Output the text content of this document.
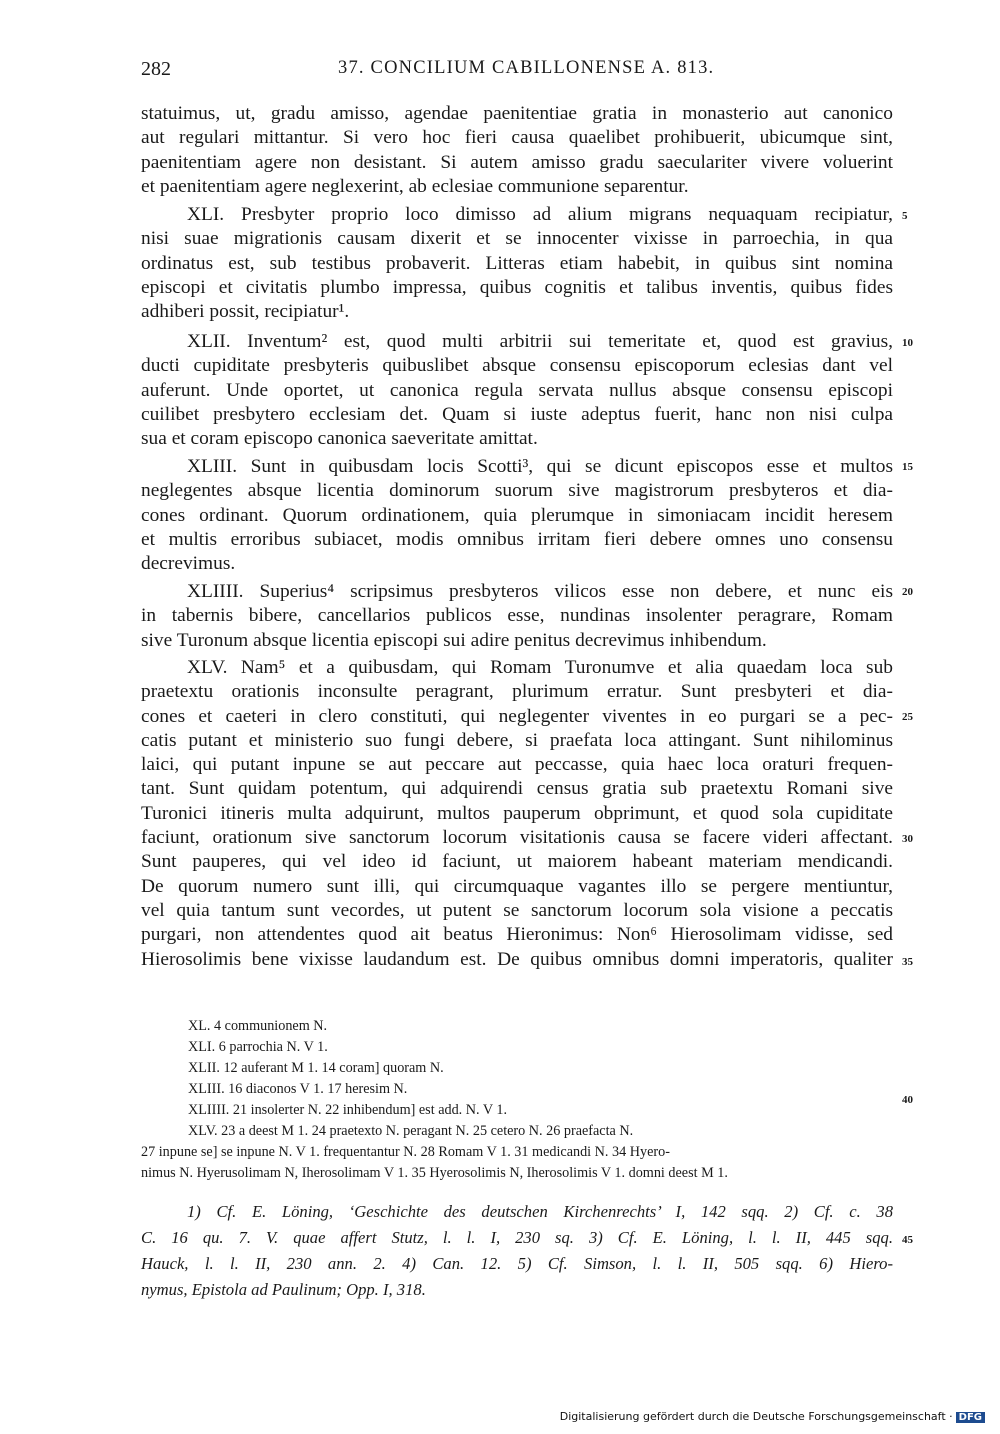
282	37. CONCILIUM CABILLONENSE A. 813.
statuimus, ut, gradu amisso, agendae paenitentiae gratia in monasterio aut canonico
aut regulari mittantur. Si vero hoc fieri causa quaelibet prohibuerit, ubicumque sint,
paenitentiam agere non desistant. Si autem amisso gradu saeculariter vivere voluerint
et paenitentiam agere neglexerint, ab eclesiae communione separentur.
XLI. Presbyter proprio loco dimisso ad alium migrans nequaquam recipiatur,
nisi suae migrationis causam dixerit et se innocenter vixisse in parroechia, in qua
ordinatus est, sub testibus probaverit. Litteras etiam habebit, in quibus sint nomina
episcopi et civitatis plumbo impressa, quibus cognitis et talibus inventis, quibus fides
adhiberi possit, recipiatur¹.
XLII. Inventum² est, quod multi arbitrii sui temeritate et, quod est gravius,
ducti cupiditate presbyteris quibuslibet absque consensu episcoporum eclesias dant vel
auferunt. Unde oportet, ut canonica regula servata nullus absque consensu episcopi
cuilibet presbytero ecclesiam det. Quam si iuste adeptus fuerit, hanc non nisi culpa
sua et coram episcopo canonica saeveritate amittat.
XLIII. Sunt in quibusdam locis Scotti³, qui se dicunt episcopos esse et multos
neglegentes absque licentia dominorum suorum sive magistrorum presbyteros et dia-
cones ordinant. Quorum ordinationem, quia plerumque in simoniacam incidit heresem
et multis erroribus subiacet, modis omnibus irritam fieri debere omnes uno consensu
decrevimus.
XLIIII. Superius⁴ scripsimus presbyteros vilicos esse non debere, et nunc eis
in tabernis bibere, cancellarios publicos esse, nundinas insolenter peragrare, Romam
sive Turonum absque licentia episcopi sui adire penitus decrevimus inhibendum.
XLV. Nam⁵ et a quibusdam, qui Romam Turonumve et alia quaedam loca sub
praetextu orationis inconsulte peragrant, plurimum erratur. Sunt presbyteri et dia-
cones et caeteri in clero constituti, qui neglegenter viventes in eo purgari se a pec-
catis putant et ministerio suo fungi debere, si praefata loca attingant. Sunt nihilominus
laici, qui putant inpune se aut peccare aut peccasse, quia haec loca oraturi frequen-
tant. Sunt quidam potentum, qui adquirendi census gratia sub praetextu Romani sive
Turonici itineris multa adquirunt, multos pauperum obprimunt, et quod sola cupiditate
faciunt, orationum sive sanctorum locorum visitationis causa se facere videri affectant.
Sunt pauperes, qui vel ideo id faciunt, ut maiorem habeant materiam mendicandi.
De quorum numero sunt illi, qui circumquaque vagantes illo se pergere mentiuntur,
vel quia tantum sunt vecordes, ut putent se sanctorum locorum sola visione a peccatis
purgari, non attendentes quod ait beatus Hieronimus: Non⁶ Hierosolimam vidisse, sed
Hierosolimis bene vixisse laudandum est. De quibus omnibus domni imperatoris, qualiter
5
10
15
20
25
30
35
40
45
XL. 4 communionem N.
XLI. 6 parrochia N. V 1.
XLII. 12 auferant M 1. 14 coram] quoram N.
XLIII. 16 diaconos V 1. 17 heresim N.
XLIIII. 21 insolerter N. 22 inhibendum] est add. N. V 1.
XLV. 23 a deest M 1. 24 praetexto N. peragant N. 25 cetero N. 26 praefacta N.
27 inpune se] se inpune N. V 1. frequentantur N. 28 Romam V 1. 31 medicandi N. 34 Hyero-
nimus N. Hyerusolimam N, Iherosolimam V 1. 35 Hyerosolimis N, Iherosolimis V 1. domni deest M 1.
1) Cf. E. Löning, ‘Geschichte des deutschen Kirchenrechts’ I, 142 sqq. 2) Cf. c. 38
C. 16 qu. 7. V. quae affert Stutz, l. l. I, 230 sq. 3) Cf. E. Löning, l. l. II, 445 sqq.
Hauck, l. l. II, 230 ann. 2. 4) Can. 12. 5) Cf. Simson, l. l. II, 505 sqq. 6) Hiero-
nymus, Epistola ad Paulinum; Opp. I, 318.
Digitalisierung gefördert durch die Deutsche Forschungsgemeinschaft · DFG
